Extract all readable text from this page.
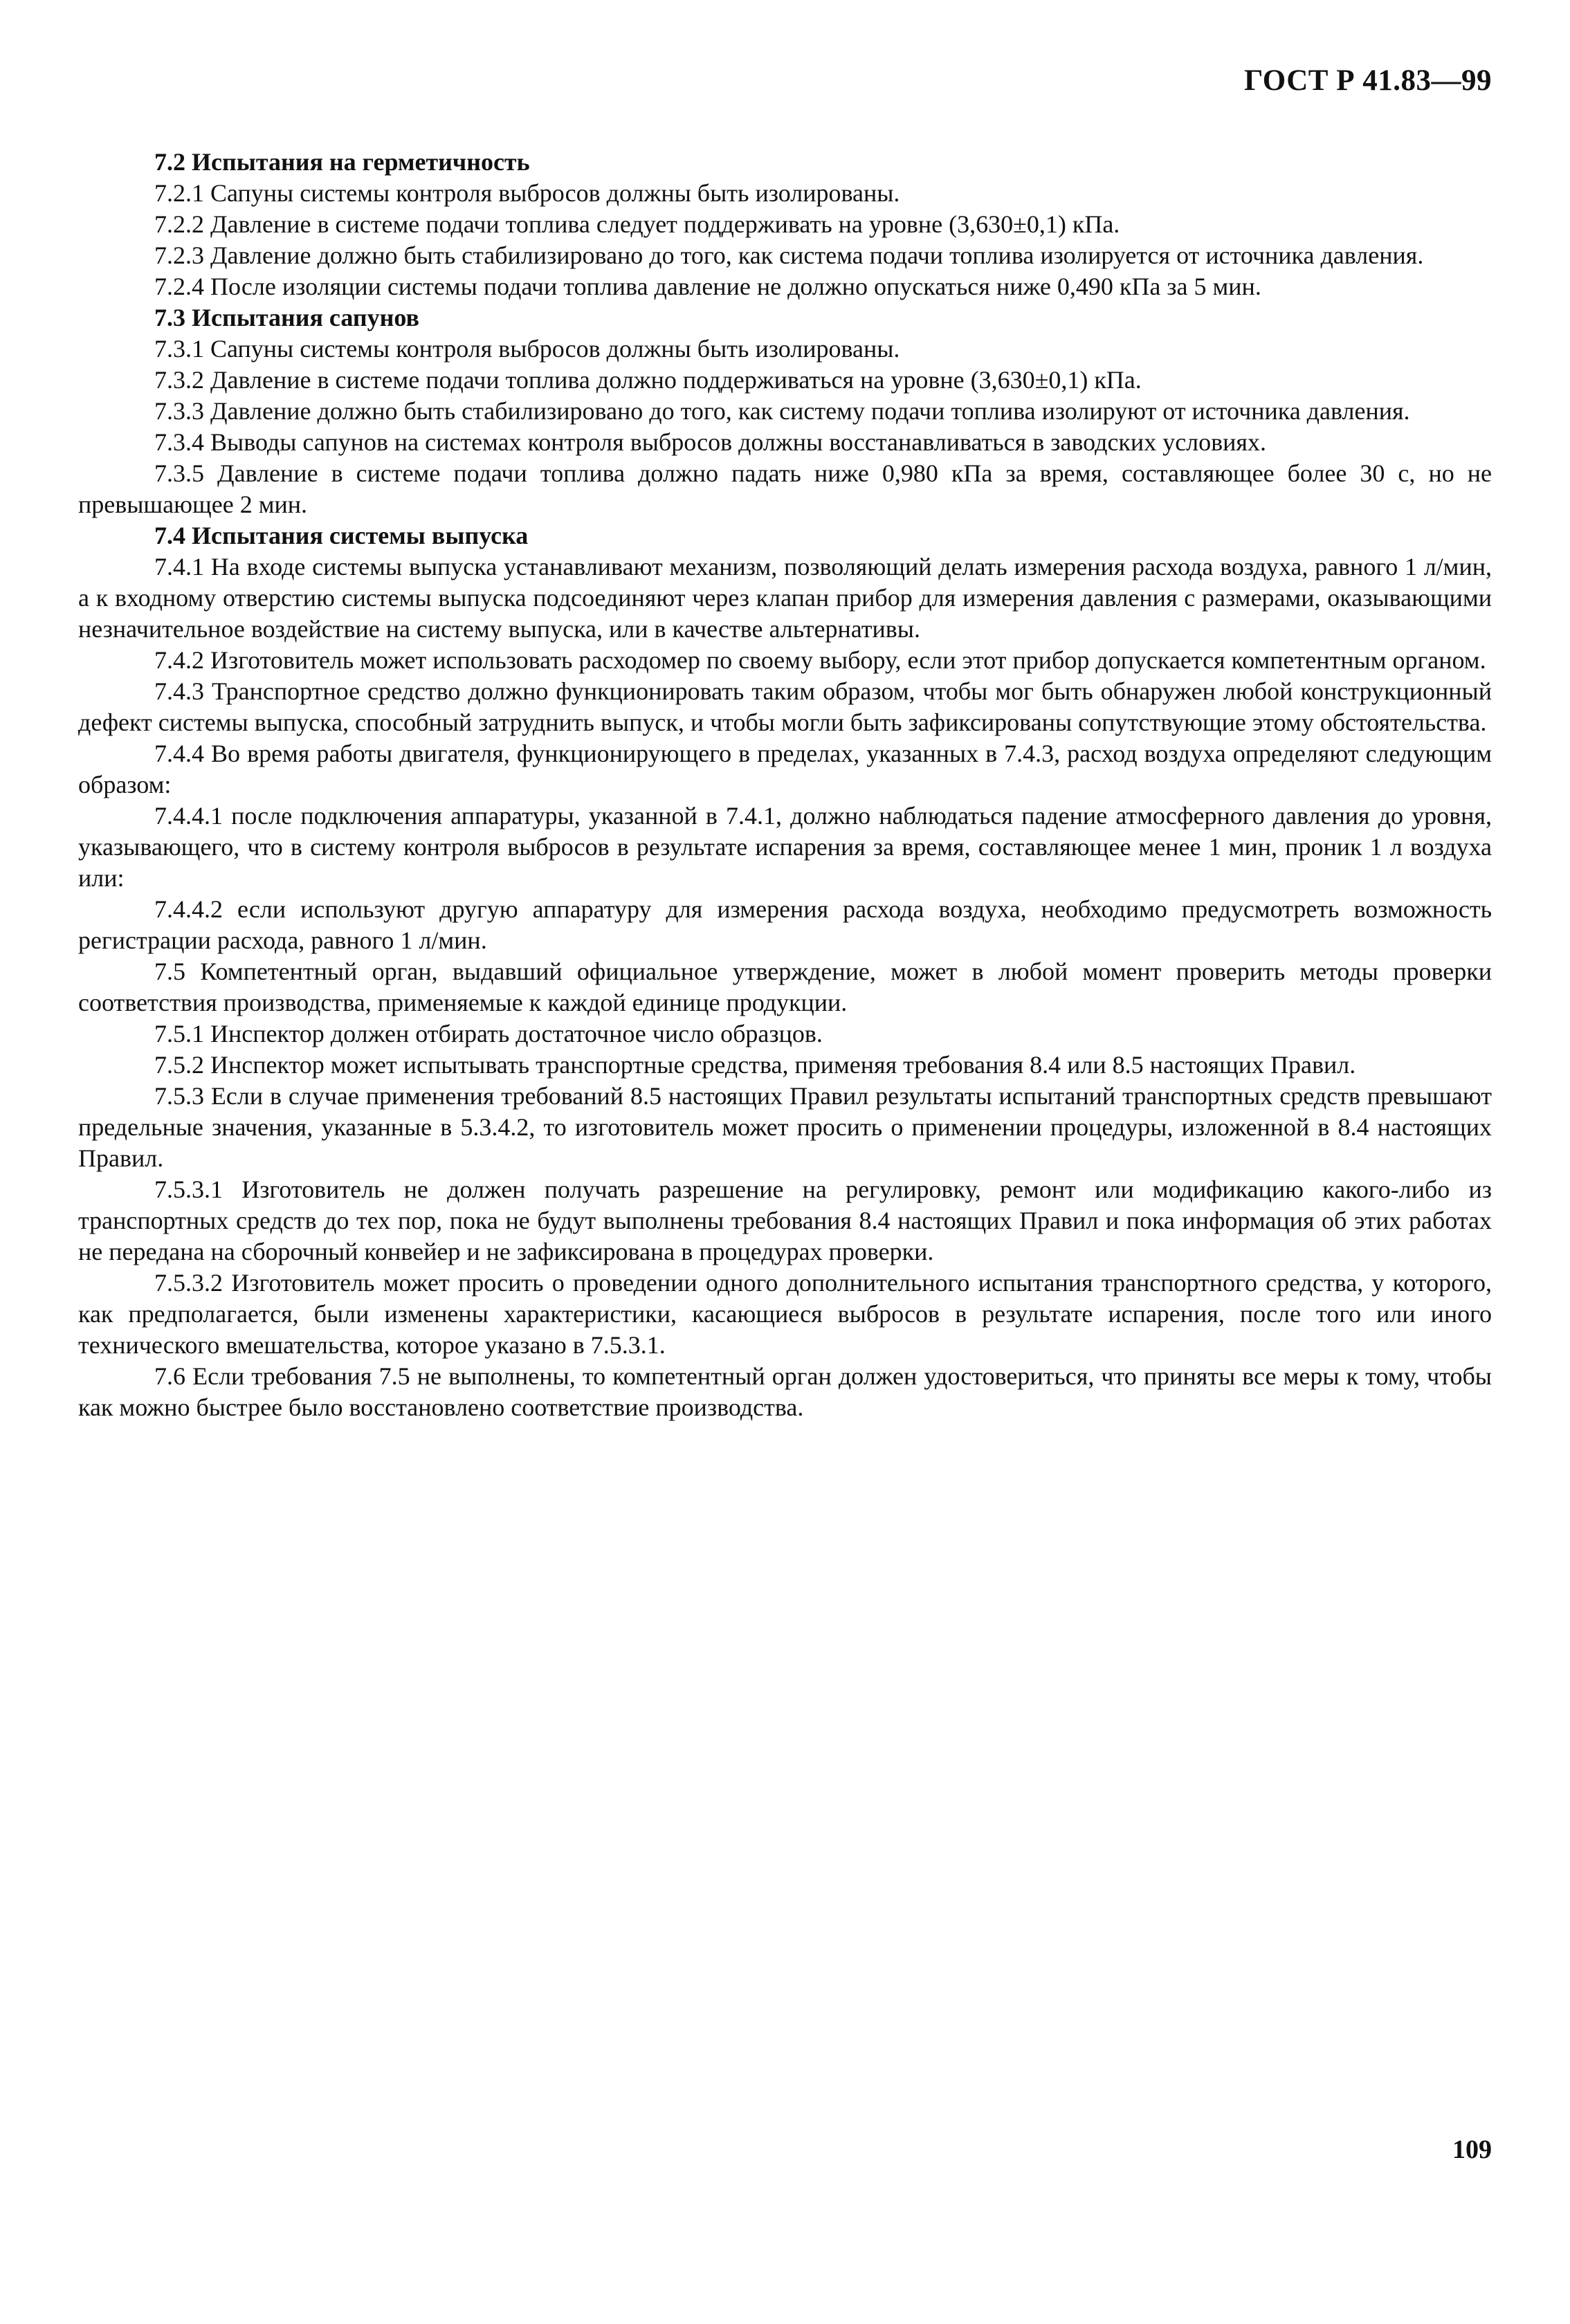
ГОСТ Р 41.83—99
7.2 Испытания на герметичность
7.2.1 Сапуны системы контроля выбросов должны быть изолированы.
7.2.2 Давление в системе подачи топлива следует поддерживать на уровне (3,630±0,1) кПа.
7.2.3 Давление должно быть стабилизировано до того, как система подачи топлива изолируется от источника давления.
7.2.4 После изоляции системы подачи топлива давление не должно опускаться ниже 0,490 кПа за 5 мин.
7.3 Испытания сапунов
7.3.1 Сапуны системы контроля выбросов должны быть изолированы.
7.3.2 Давление в системе подачи топлива должно поддерживаться на уровне (3,630±0,1) кПа.
7.3.3 Давление должно быть стабилизировано до того, как систему подачи топлива изолируют от источника давления.
7.3.4 Выводы сапунов на системах контроля выбросов должны восстанавливаться в заводских условиях.
7.3.5 Давление в системе подачи топлива должно падать ниже 0,980 кПа за время, составляющее более 30 с, но не превышающее 2 мин.
7.4 Испытания системы выпуска
7.4.1 На входе системы выпуска устанавливают механизм, позволяющий делать измерения расхода воздуха, равного 1 л/мин, а к входному отверстию системы выпуска подсоединяют через клапан прибор для измерения давления с размерами, оказывающими незначительное воздействие на систему выпуска, или в качестве альтернативы.
7.4.2 Изготовитель может использовать расходомер по своему выбору, если этот прибор допускается компетентным органом.
7.4.3 Транспортное средство должно функционировать таким образом, чтобы мог быть обнаружен любой конструкционный дефект системы выпуска, способный затруднить выпуск, и чтобы могли быть зафиксированы сопутствующие этому обстоятельства.
7.4.4 Во время работы двигателя, функционирующего в пределах, указанных в 7.4.3, расход воздуха определяют следующим образом:
7.4.4.1 после подключения аппаратуры, указанной в 7.4.1, должно наблюдаться падение атмосферного давления до уровня, указывающего, что в систему контроля выбросов в результате испарения за время, составляющее менее 1 мин, проник 1 л воздуха или:
7.4.4.2 если используют другую аппаратуру для измерения расхода воздуха, необходимо предусмотреть возможность регистрации расхода, равного 1 л/мин.
7.5 Компетентный орган, выдавший официальное утверждение, может в любой момент проверить методы проверки соответствия производства, применяемые к каждой единице продукции.
7.5.1 Инспектор должен отбирать достаточное число образцов.
7.5.2 Инспектор может испытывать транспортные средства, применяя требования 8.4 или 8.5 настоящих Правил.
7.5.3 Если в случае применения требований 8.5 настоящих Правил результаты испытаний транспортных средств превышают предельные значения, указанные в 5.3.4.2, то изготовитель может просить о применении процедуры, изложенной в 8.4 настоящих Правил.
7.5.3.1 Изготовитель не должен получать разрешение на регулировку, ремонт или модификацию какого-либо из транспортных средств до тех пор, пока не будут выполнены требования 8.4 настоящих Правил и пока информация об этих работах не передана на сборочный конвейер и не зафиксирована в процедурах проверки.
7.5.3.2 Изготовитель может просить о проведении одного дополнительного испытания транспортного средства, у которого, как предполагается, были изменены характеристики, касающиеся выбросов в результате испарения, после того или иного технического вмешательства, которое указано в 7.5.3.1.
7.6 Если требования 7.5 не выполнены, то компетентный орган должен удостовериться, что приняты все меры к тому, чтобы как можно быстрее было восстановлено соответствие производства.
109
